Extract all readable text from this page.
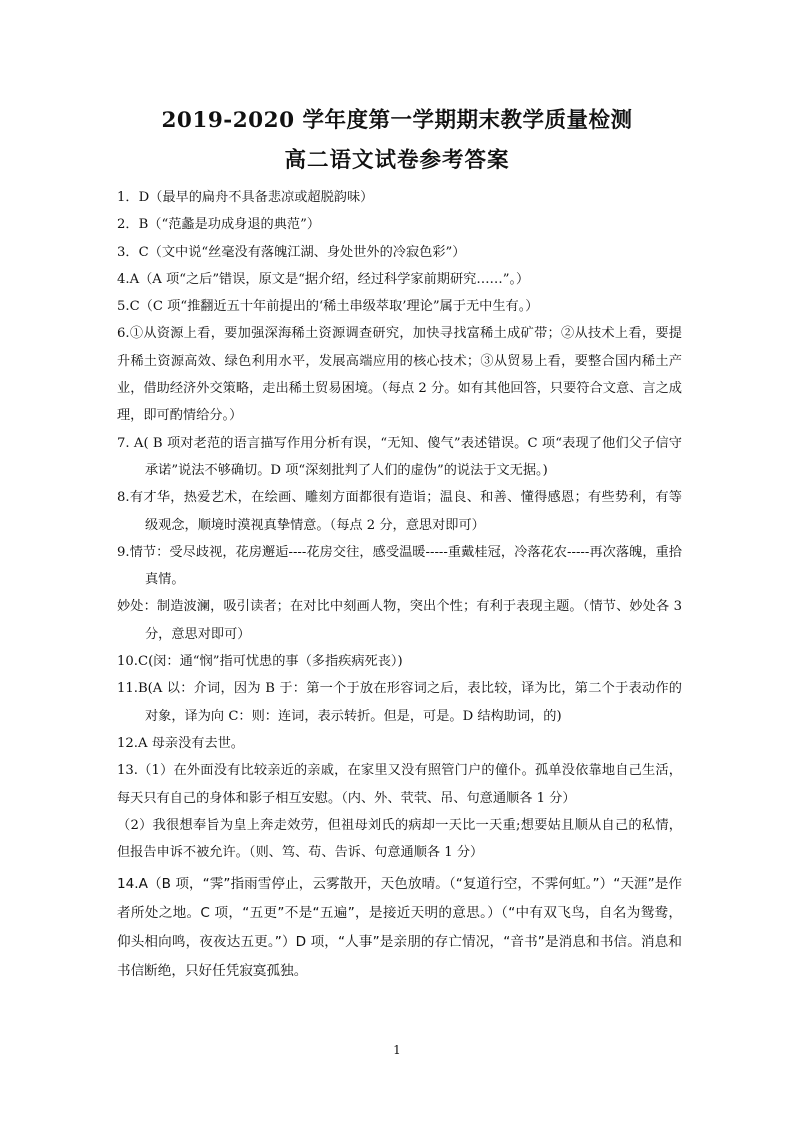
2019-2020 学年度第一学期期末教学质量检测
高二语文试卷参考答案

1．D（最早的扁舟不具备悲凉或超脱韵味）

2．B（“范蠡是功成身退的典范”）

3．C（文中说“丝毫没有落魄江湖、身处世外的冷寂色彩”）

4.A（A 项“之后”错误，原文是“据介绍，经过科学家前期研究……”。）

5.C（C 项“推翻近五十年前提出的‘稀土串级萃取’理论”属于无中生有。）

6.①从资源上看，要加强深海稀土资源调查研究，加快寻找富稀土成矿带；②从技术上看，要提升稀土资源高效、绿色利用水平，发展高端应用的核心技术；③从贸易上看，要整合国内稀土产业，借助经济外交策略，走出稀土贸易困境。（每点 2 分。如有其他回答，只要符合文意、言之成理，即可酌情给分。）

7. A( B 项对老范的语言描写作用分析有误，“无知、傻气”表述错误。C 项“表现了他们父子信守承诺”说法不够确切。D 项“深刻批判了人们的虚伪”的说法于文无据。)

8.有才华，热爱艺术，在绘画、雕刻方面都很有造诣；温良、和善、懂得感恩；有些势利，有等级观念，顺境时漠视真挚情意。（每点 2 分，意思对即可）

9.情节：受尽歧视，花房邂逅----花房交往，感受温暖-----重戴桂冠，冷落花农-----再次落魄，重拾真情。

妙处：制造波澜，吸引读者；在对比中刻画人物，突出个性；有利于表现主题。（情节、妙处各 3 分，意思对即可）

10.C(闵：通“悯”指可忧患的事（多指疾病死丧）)

11.B(A 以：介词，因为 B 于：第一个于放在形容词之后，表比较，译为比，第二个于表动作的对象，译为向 C：则：连词，表示转折。但是，可是。D 结构助词，的)

12.A 母亲没有去世。

13.（1）在外面没有比较亲近的亲戚，在家里又没有照管门户的僮仆。孤单没依靠地自己生活，每天只有自己的身体和影子相互安慰。（内、外、茕茕、吊、句意通顺各 1 分）

（2）我很想奉旨为皇上奔走效劳，但祖母刘氏的病却一天比一天重;想要姑且顺从自己的私情，但报告申诉不被允许。（则、笃、苟、告诉、句意通顺各 1 分）

14.A（B 项，“霁”指雨雪停止，云雾散开，天色放晴。（“复道行空，不霁何虹。”）“天涯”是作者所处之地。C 项，“五更”不是“五遍”，是接近天明的意思。）（“中有双飞鸟，自名为鸳鸯，仰头相向鸣，夜夜达五更。”）D 项，“人事”是亲朋的存亡情况，“音书”是消息和书信。消息和书信断绝，只好任凭寂寞孤独。

1
